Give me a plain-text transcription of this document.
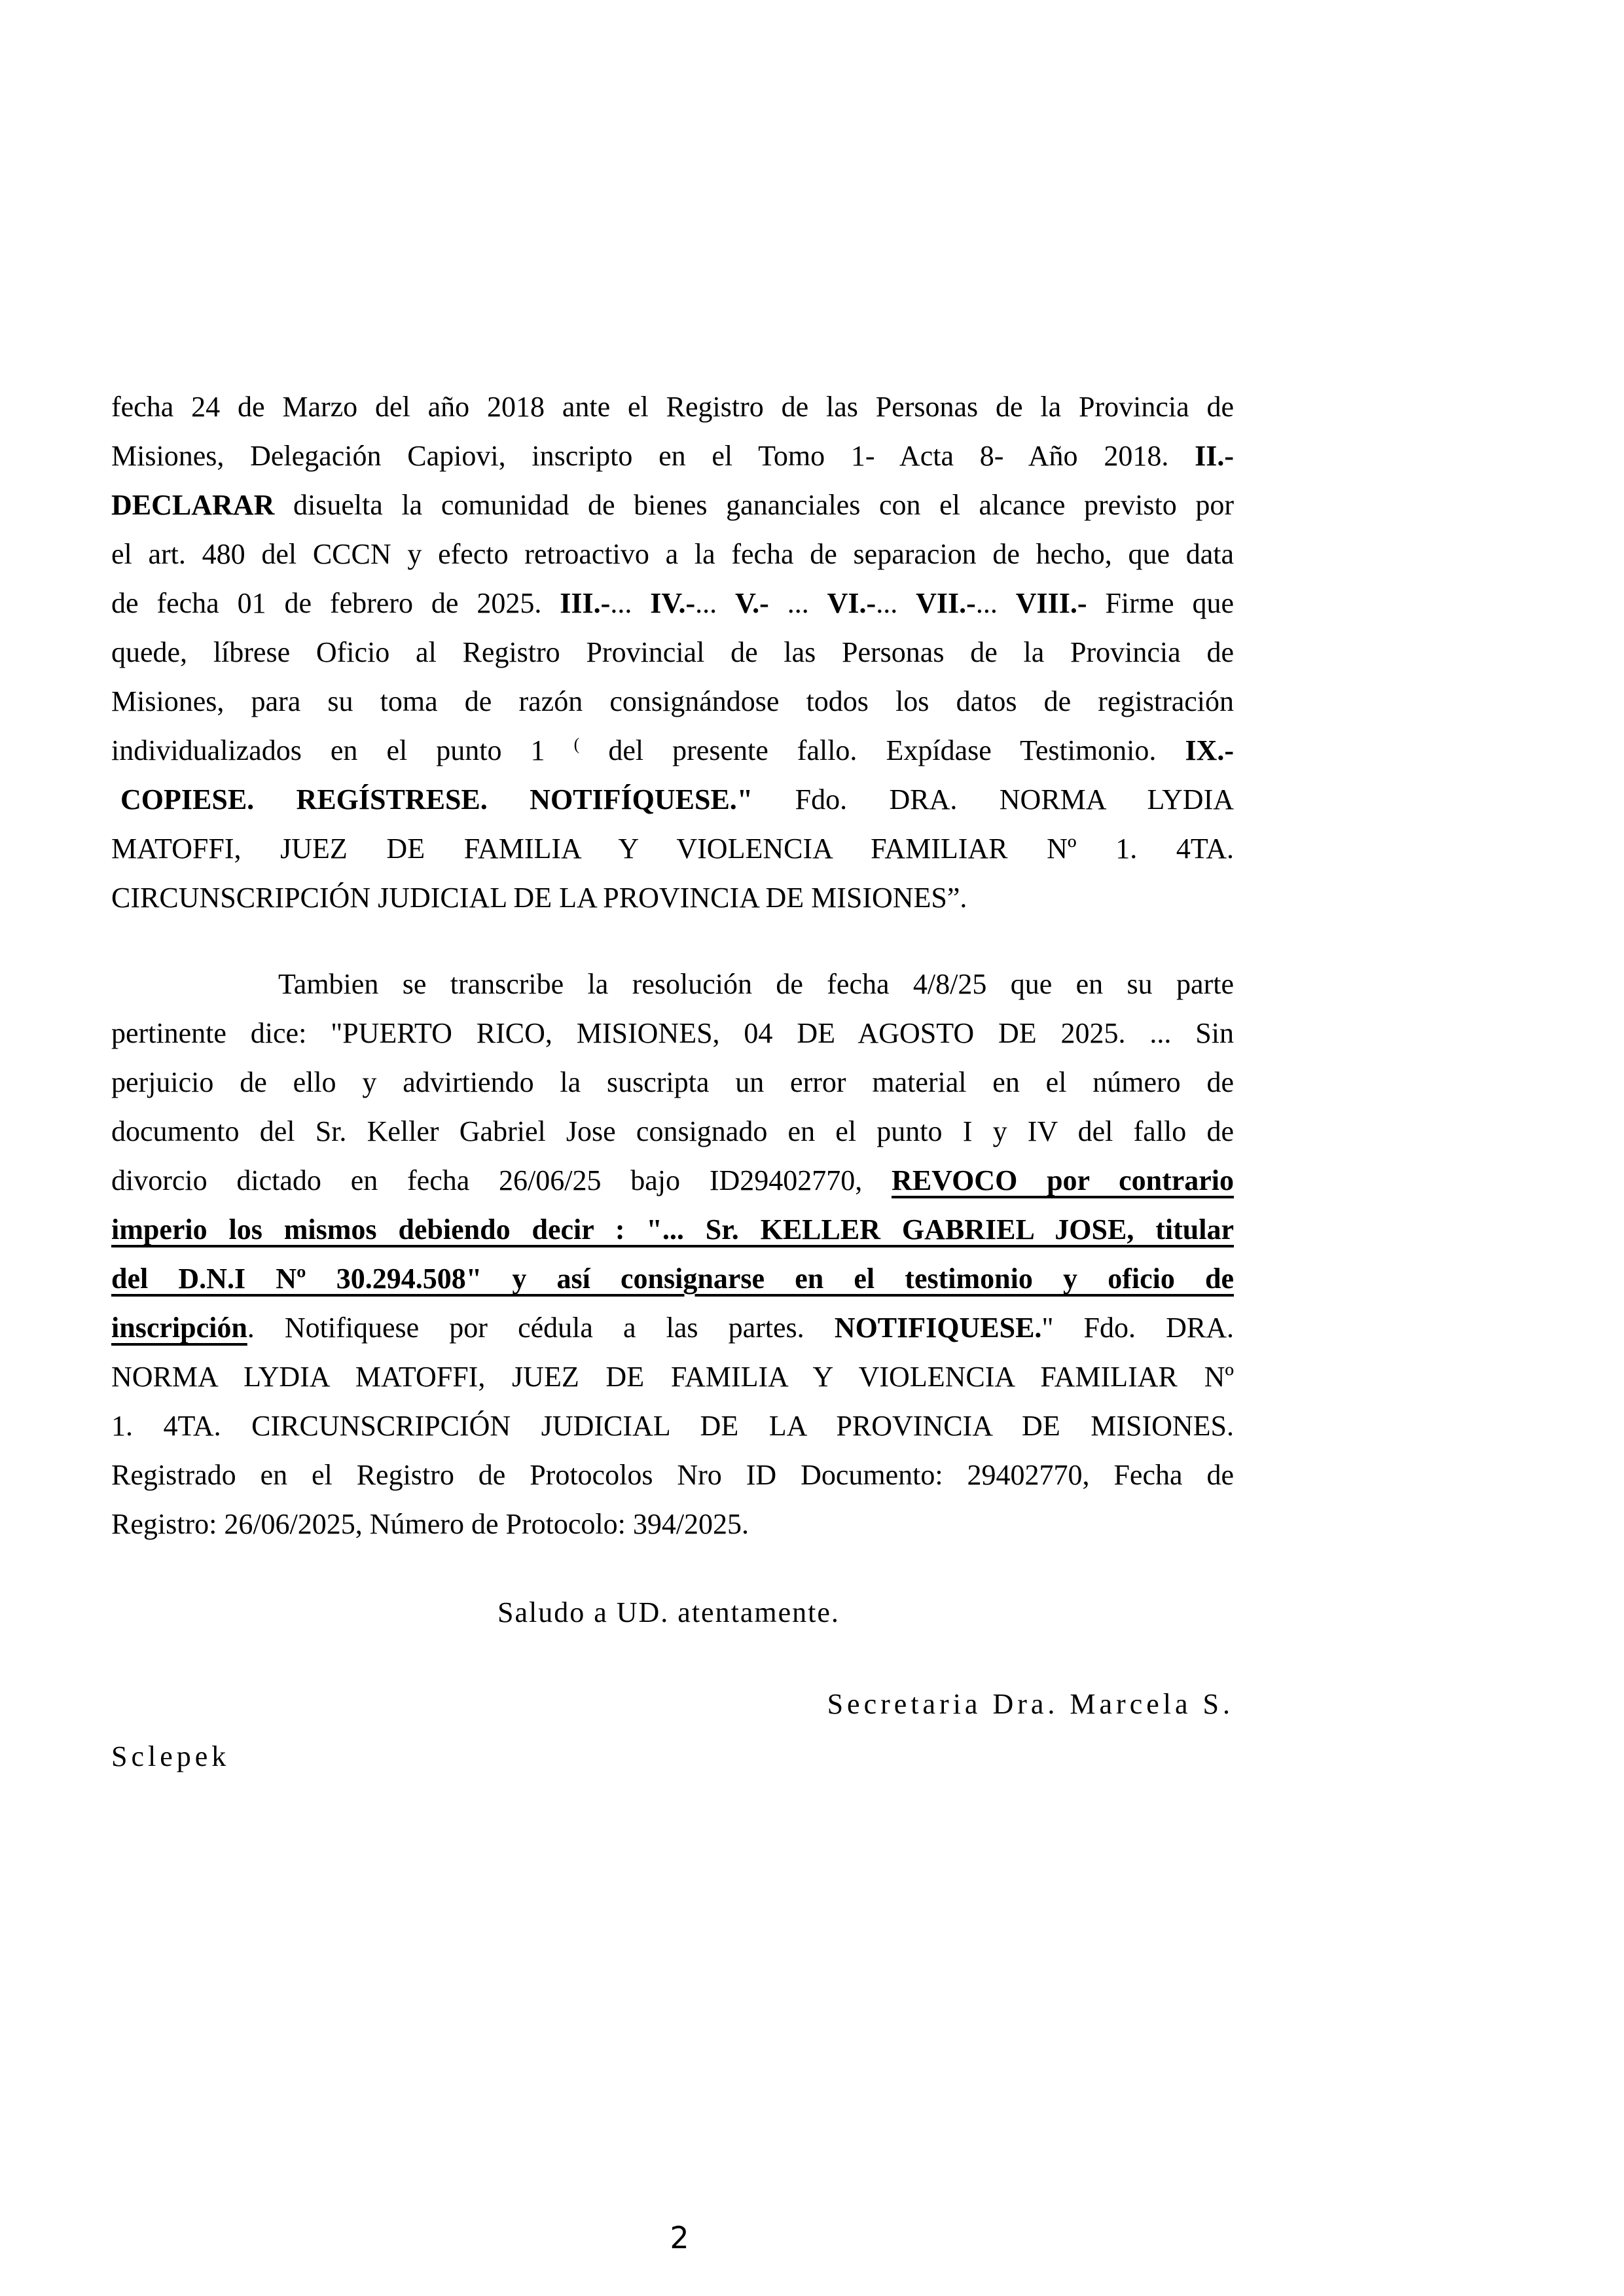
fecha 24 de Marzo del año 2018 ante el Registro de las Personas de la Provincia de
Misiones, Delegación Capiovi, inscripto en el Tomo 1- Acta 8- Año 2018. II.-
DECLARAR disuelta la comunidad de bienes gananciales con el alcance previsto por
el art. 480 del CCCN y efecto retroactivo a la fecha de separacion de hecho, que data
de fecha 01 de febrero de 2025. III.-... IV.-... V.- ... VI.-... VII.-... VIII.- Firme que
quede, líbrese Oficio al Registro Provincial de las Personas de la Provincia de
Misiones, para su toma de razón consignándose todos los datos de registración
individualizados en el punto 1 ( del presente fallo. Expídase Testimonio. IX.-
COPIESE. REGÍSTRESE. NOTIFÍQUESE." Fdo. DRA. NORMA LYDIA
MATOFFI, JUEZ DE FAMILIA Y VIOLENCIA FAMILIAR Nº 1. 4TA.
CIRCUNSCRIPCIÓN JUDICIAL DE LA PROVINCIA DE MISIONES”.
Tambien se transcribe la resolución de fecha 4/8/25 que en su parte
pertinente dice: "PUERTO RICO, MISIONES, 04 DE AGOSTO DE 2025. ... Sin
perjuicio de ello y advirtiendo la suscripta un error material en el número de
documento del Sr. Keller Gabriel Jose consignado en el punto I y IV del fallo de
divorcio dictado en fecha 26/06/25 bajo ID29402770, REVOCO por contrario
imperio los mismos debiendo decir : "... Sr. KELLER GABRIEL JOSE, titular
del D.N.I Nº 30.294.508" y así consignarse en el testimonio y oficio de
inscripción. Notifiquese por cédula a las partes. NOTIFIQUESE." Fdo. DRA.
NORMA LYDIA MATOFFI, JUEZ DE FAMILIA Y VIOLENCIA FAMILIAR Nº
1. 4TA. CIRCUNSCRIPCIÓN JUDICIAL DE LA PROVINCIA DE MISIONES.
Registrado en el Registro de Protocolos Nro ID Documento: 29402770, Fecha de
Registro: 26/06/2025, Número de Protocolo: 394/2025.
Saludo a UD. atentamente.
Secretaria Dra. Marcela S.
Sclepek
2
